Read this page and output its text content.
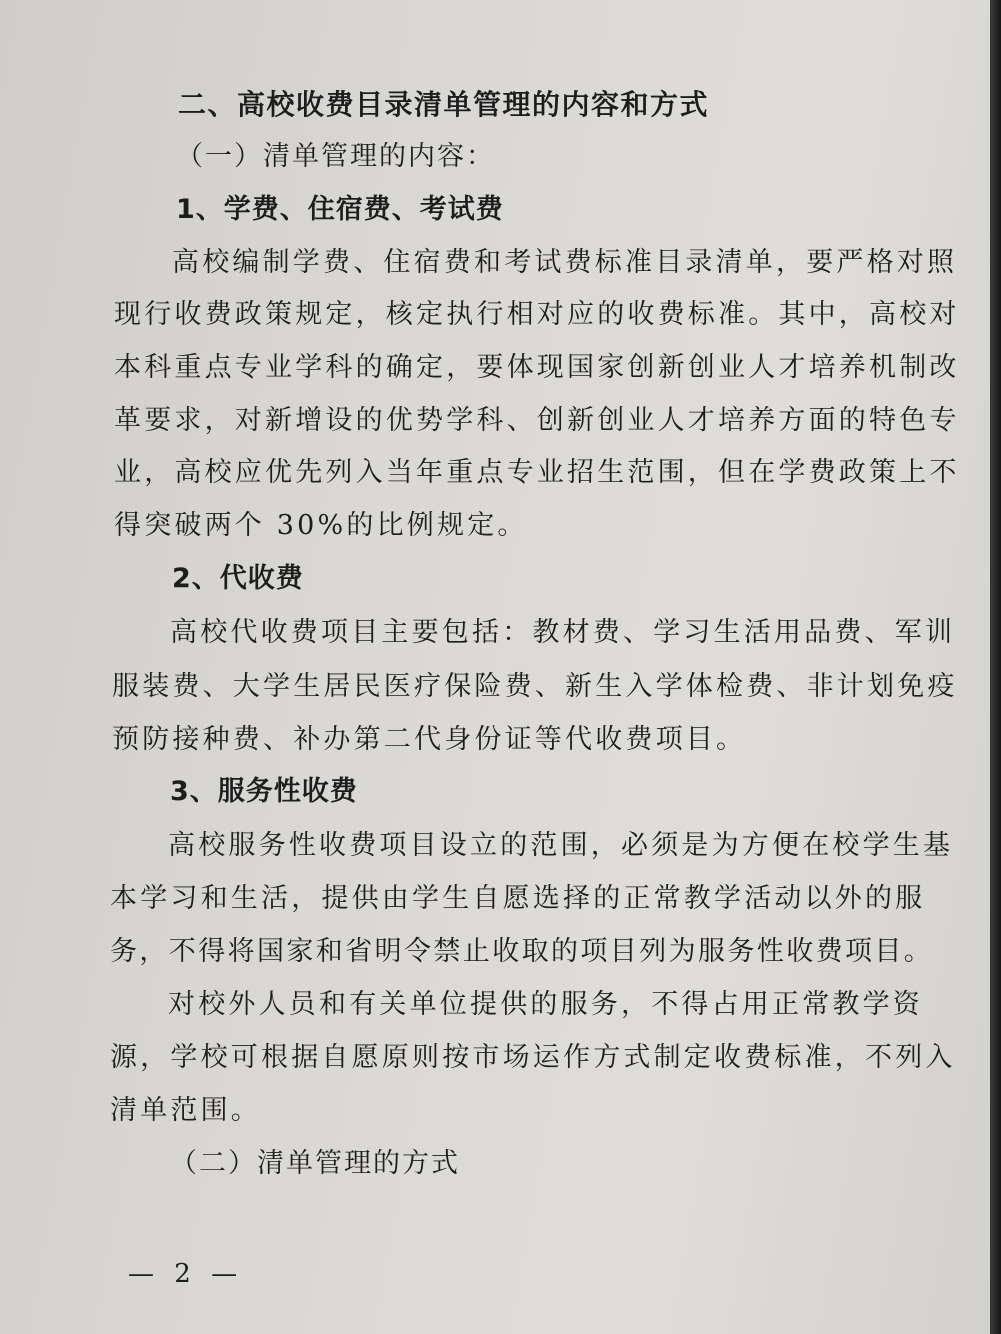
二、高校收费目录清单管理的内容和方式

（一）清单管理的内容：

1、学费、住宿费、考试费

高校编制学费、住宿费和考试费标准目录清单，要严格对照

现行收费政策规定，核定执行相对应的收费标准。其中，高校对

本科重点专业学科的确定，要体现国家创新创业人才培养机制改

革要求，对新增设的优势学科、创新创业人才培养方面的特色专

业，高校应优先列入当年重点专业招生范围，但在学费政策上不

得突破两个 30%的比例规定。

2、代收费

高校代收费项目主要包括：教材费、学习生活用品费、军训

服装费、大学生居民医疗保险费、新生入学体检费、非计划免疫

预防接种费、补办第二代身份证等代收费项目。

3、服务性收费

高校服务性收费项目设立的范围，必须是为方便在校学生基

本学习和生活，提供由学生自愿选择的正常教学活动以外的服

务，不得将国家和省明令禁止收取的项目列为服务性收费项目。

对校外人员和有关单位提供的服务，不得占用正常教学资

源，学校可根据自愿原则按市场运作方式制定收费标准，不列入

清单范围。

（二）清单管理的方式

— 2 —
